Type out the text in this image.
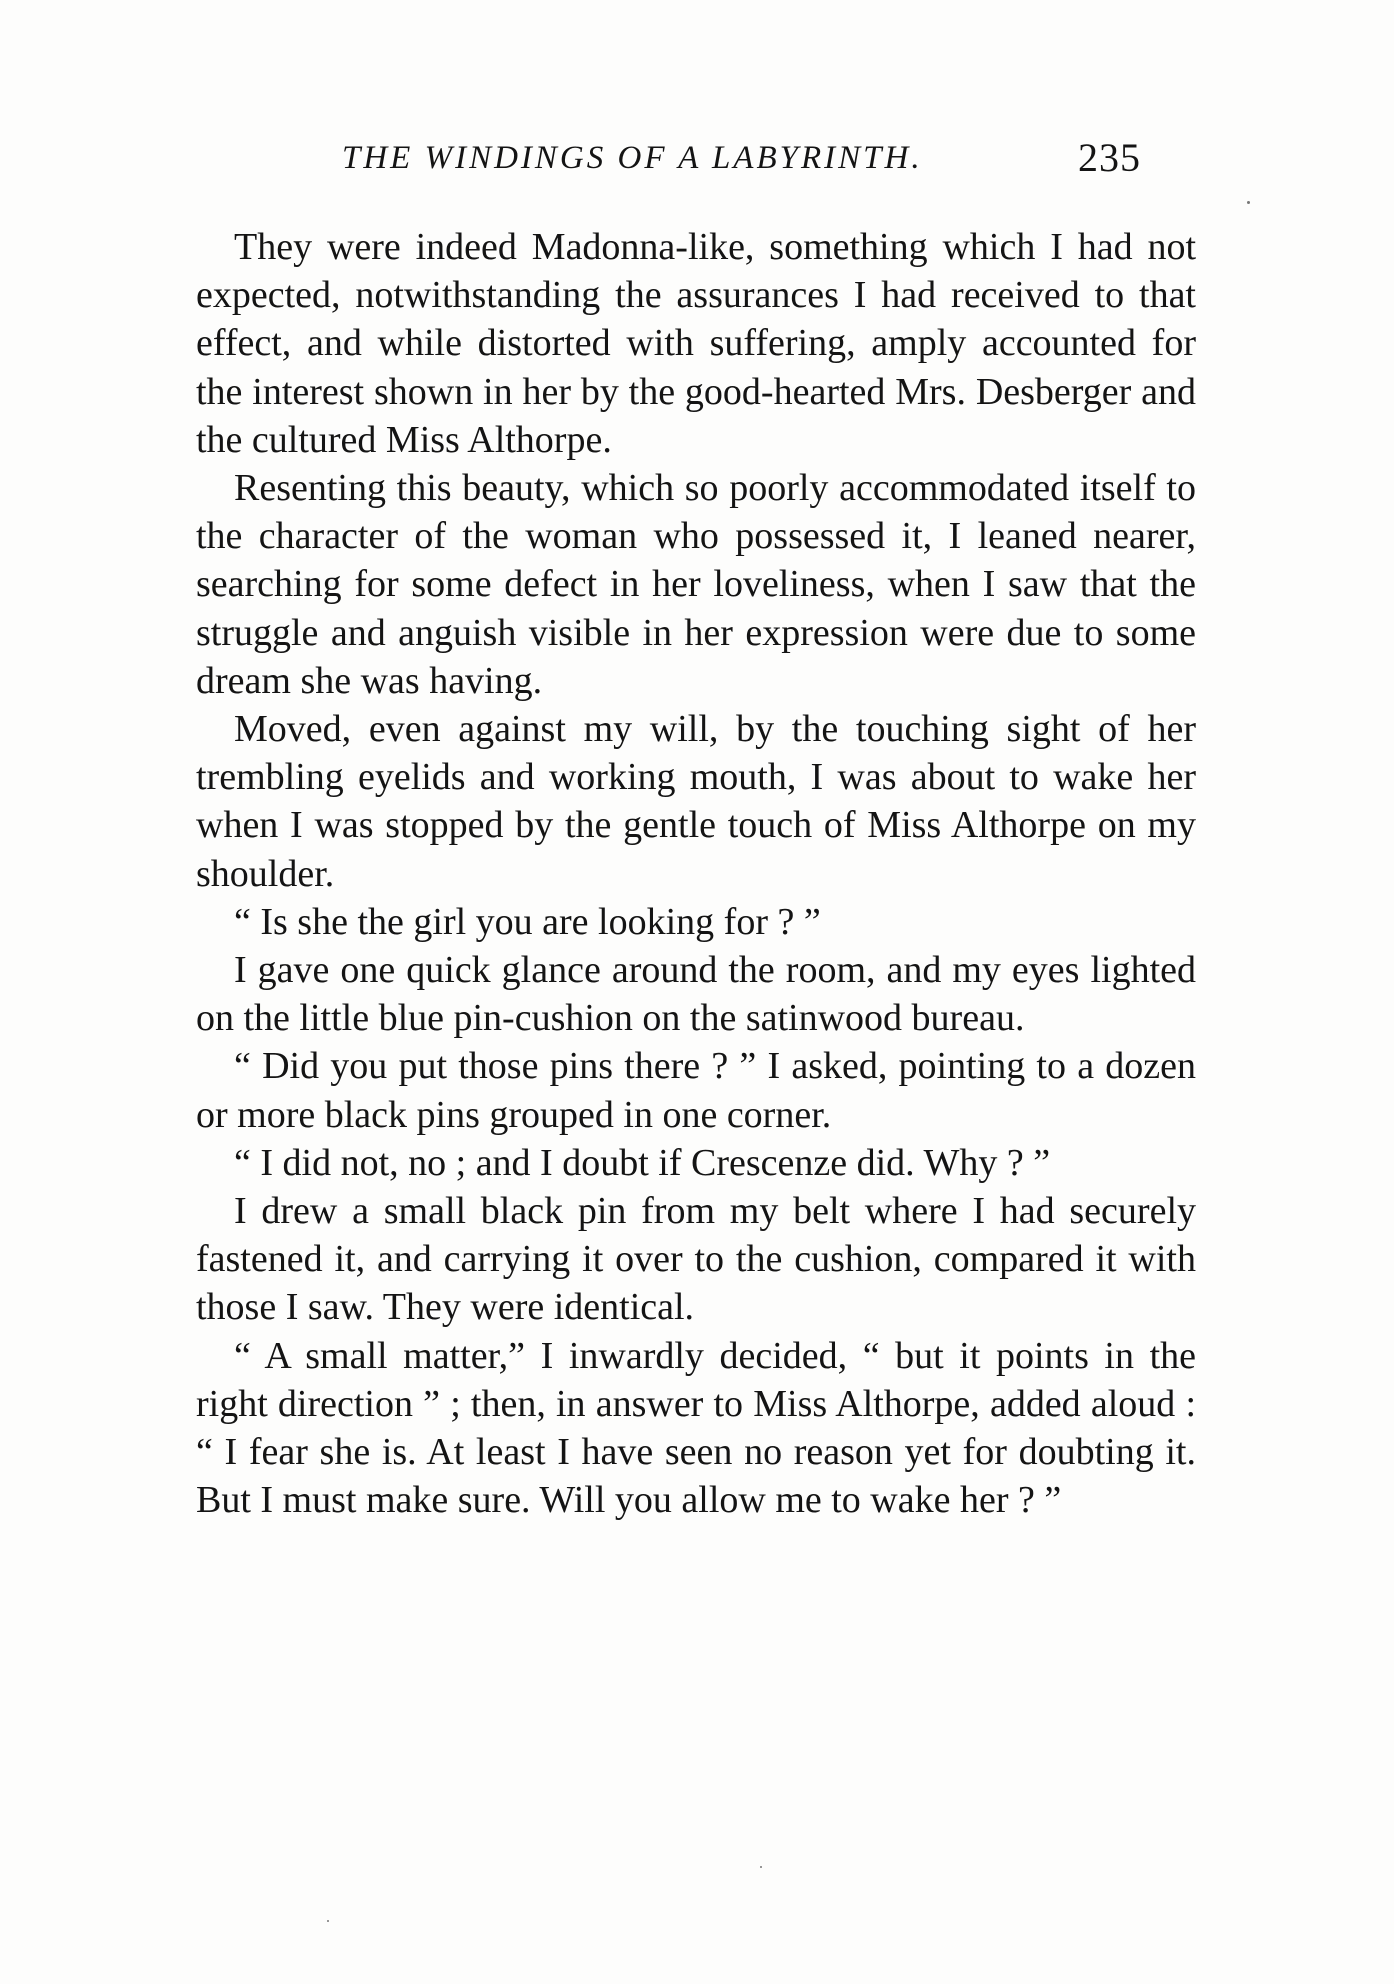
THE WINDINGS OF A LABYRINTH.	235

They were indeed Madonna-like, something which I had not expected, notwithstanding the assurances I had received to that effect, and while distorted with suffering, amply accounted for the interest shown in her by the good-hearted Mrs. Desberger and the cultured Miss Althorpe.

Resenting this beauty, which so poorly accommodated itself to the character of the woman who possessed it, I leaned nearer, searching for some defect in her loveliness, when I saw that the struggle and anguish visible in her expression were due to some dream she was having.

Moved, even against my will, by the touching sight of her trembling eyelids and working mouth, I was about to wake her when I was stopped by the gentle touch of Miss Althorpe on my shoulder.

“ Is she the girl you are looking for ? ”

I gave one quick glance around the room, and my eyes lighted on the little blue pin-cushion on the satinwood bureau.

“ Did you put those pins there ? ” I asked, pointing to a dozen or more black pins grouped in one corner.

“ I did not, no ; and I doubt if Crescenze did. Why ? ”

I drew a small black pin from my belt where I had securely fastened it, and carrying it over to the cushion, compared it with those I saw. They were identical.

“ A small matter,” I inwardly decided, “ but it points in the right direction ” ; then, in answer to Miss Althorpe, added aloud : “ I fear she is. At least I have seen no reason yet for doubting it. But I must make sure. Will you allow me to wake her ? ”
